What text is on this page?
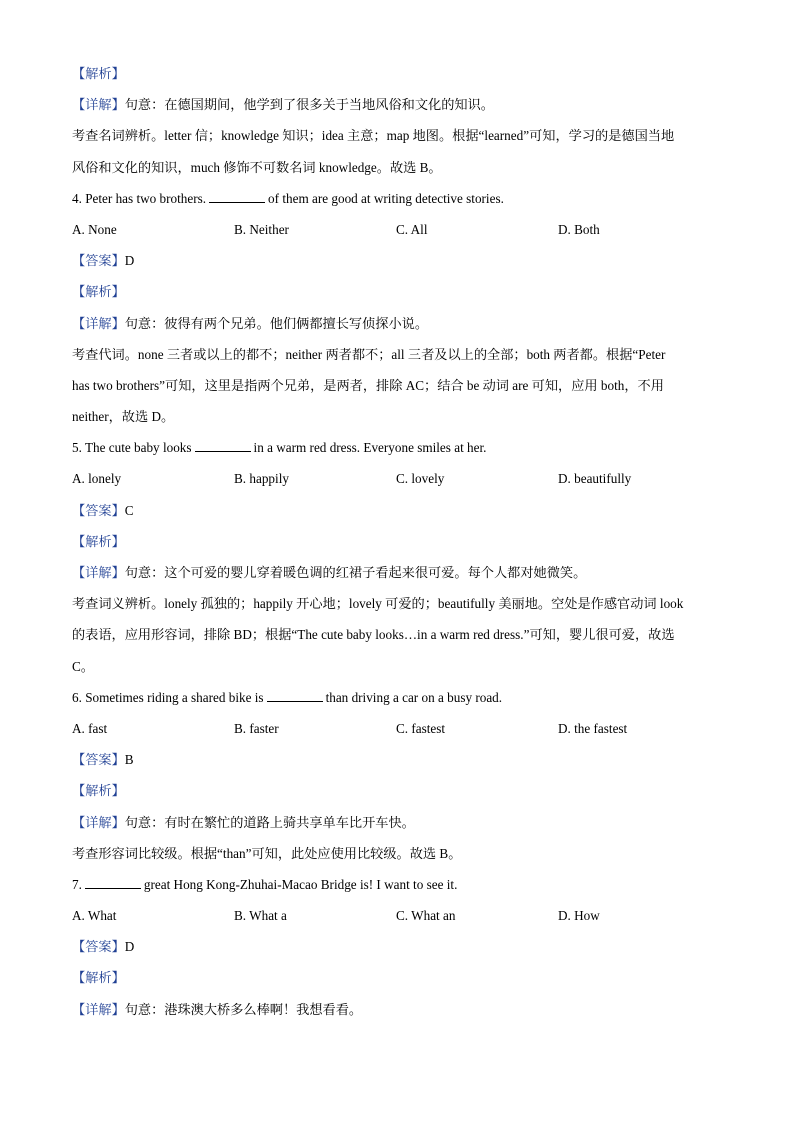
【解析】
【详解】句意：在德国期间，他学到了很多关于当地风俗和文化的知识。
考查名词辨析。letter 信；knowledge 知识；idea 主意；map 地图。根据“learned”可知，学习的是德国当地
风俗和文化的知识，much 修饰不可数名词 knowledge。故选 B。
4. Peter has two brothers.	of them are good at writing detective stories.
A. None	B. Neither	C. All	D. Both
【答案】D
【解析】
【详解】句意：彼得有两个兄弟。他们俩都擅长写侦探小说。
考查代词。none 三者或以上的都不；neither 两者都不；all 三者及以上的全部；both 两者都。根据“Peter
has two brothers”可知，这里是指两个兄弟，是两者，排除 AC；结合 be 动词 are 可知，应用 both，不用
neither，故选 D。
5. The cute baby looks	in a warm red dress. Everyone smiles at her.
A. lonely	B. happily	C. lovely	D. beautifully
【答案】C
【解析】
【详解】句意：这个可爱的婴儿穿着暖色调的红裙子看起来很可爱。每个人都对她微笑。
考查词义辨析。lonely 孤独的；happily 开心地；lovely 可爱的；beautifully 美丽地。空处是作感官动词 look
的表语，应用形容词，排除 BD；根据“The cute baby looks…in a warm red dress.”可知，婴儿很可爱，故选
C。
6. Sometimes riding a shared bike is	than driving a car on a busy road.
A. fast	B. faster	C. fastest	D. the fastest
【答案】B
【解析】
【详解】句意：有时在繁忙的道路上骑共享单车比开车快。
考查形容词比较级。根据“than”可知，此处应使用比较级。故选 B。
7.	great Hong Kong-Zhuhai-Macao Bridge is! I want to see it.
A. What	B. What a	C. What an	D. How
【答案】D
【解析】
【详解】句意：港珠澳大桥多么棒啊！我想看看。
